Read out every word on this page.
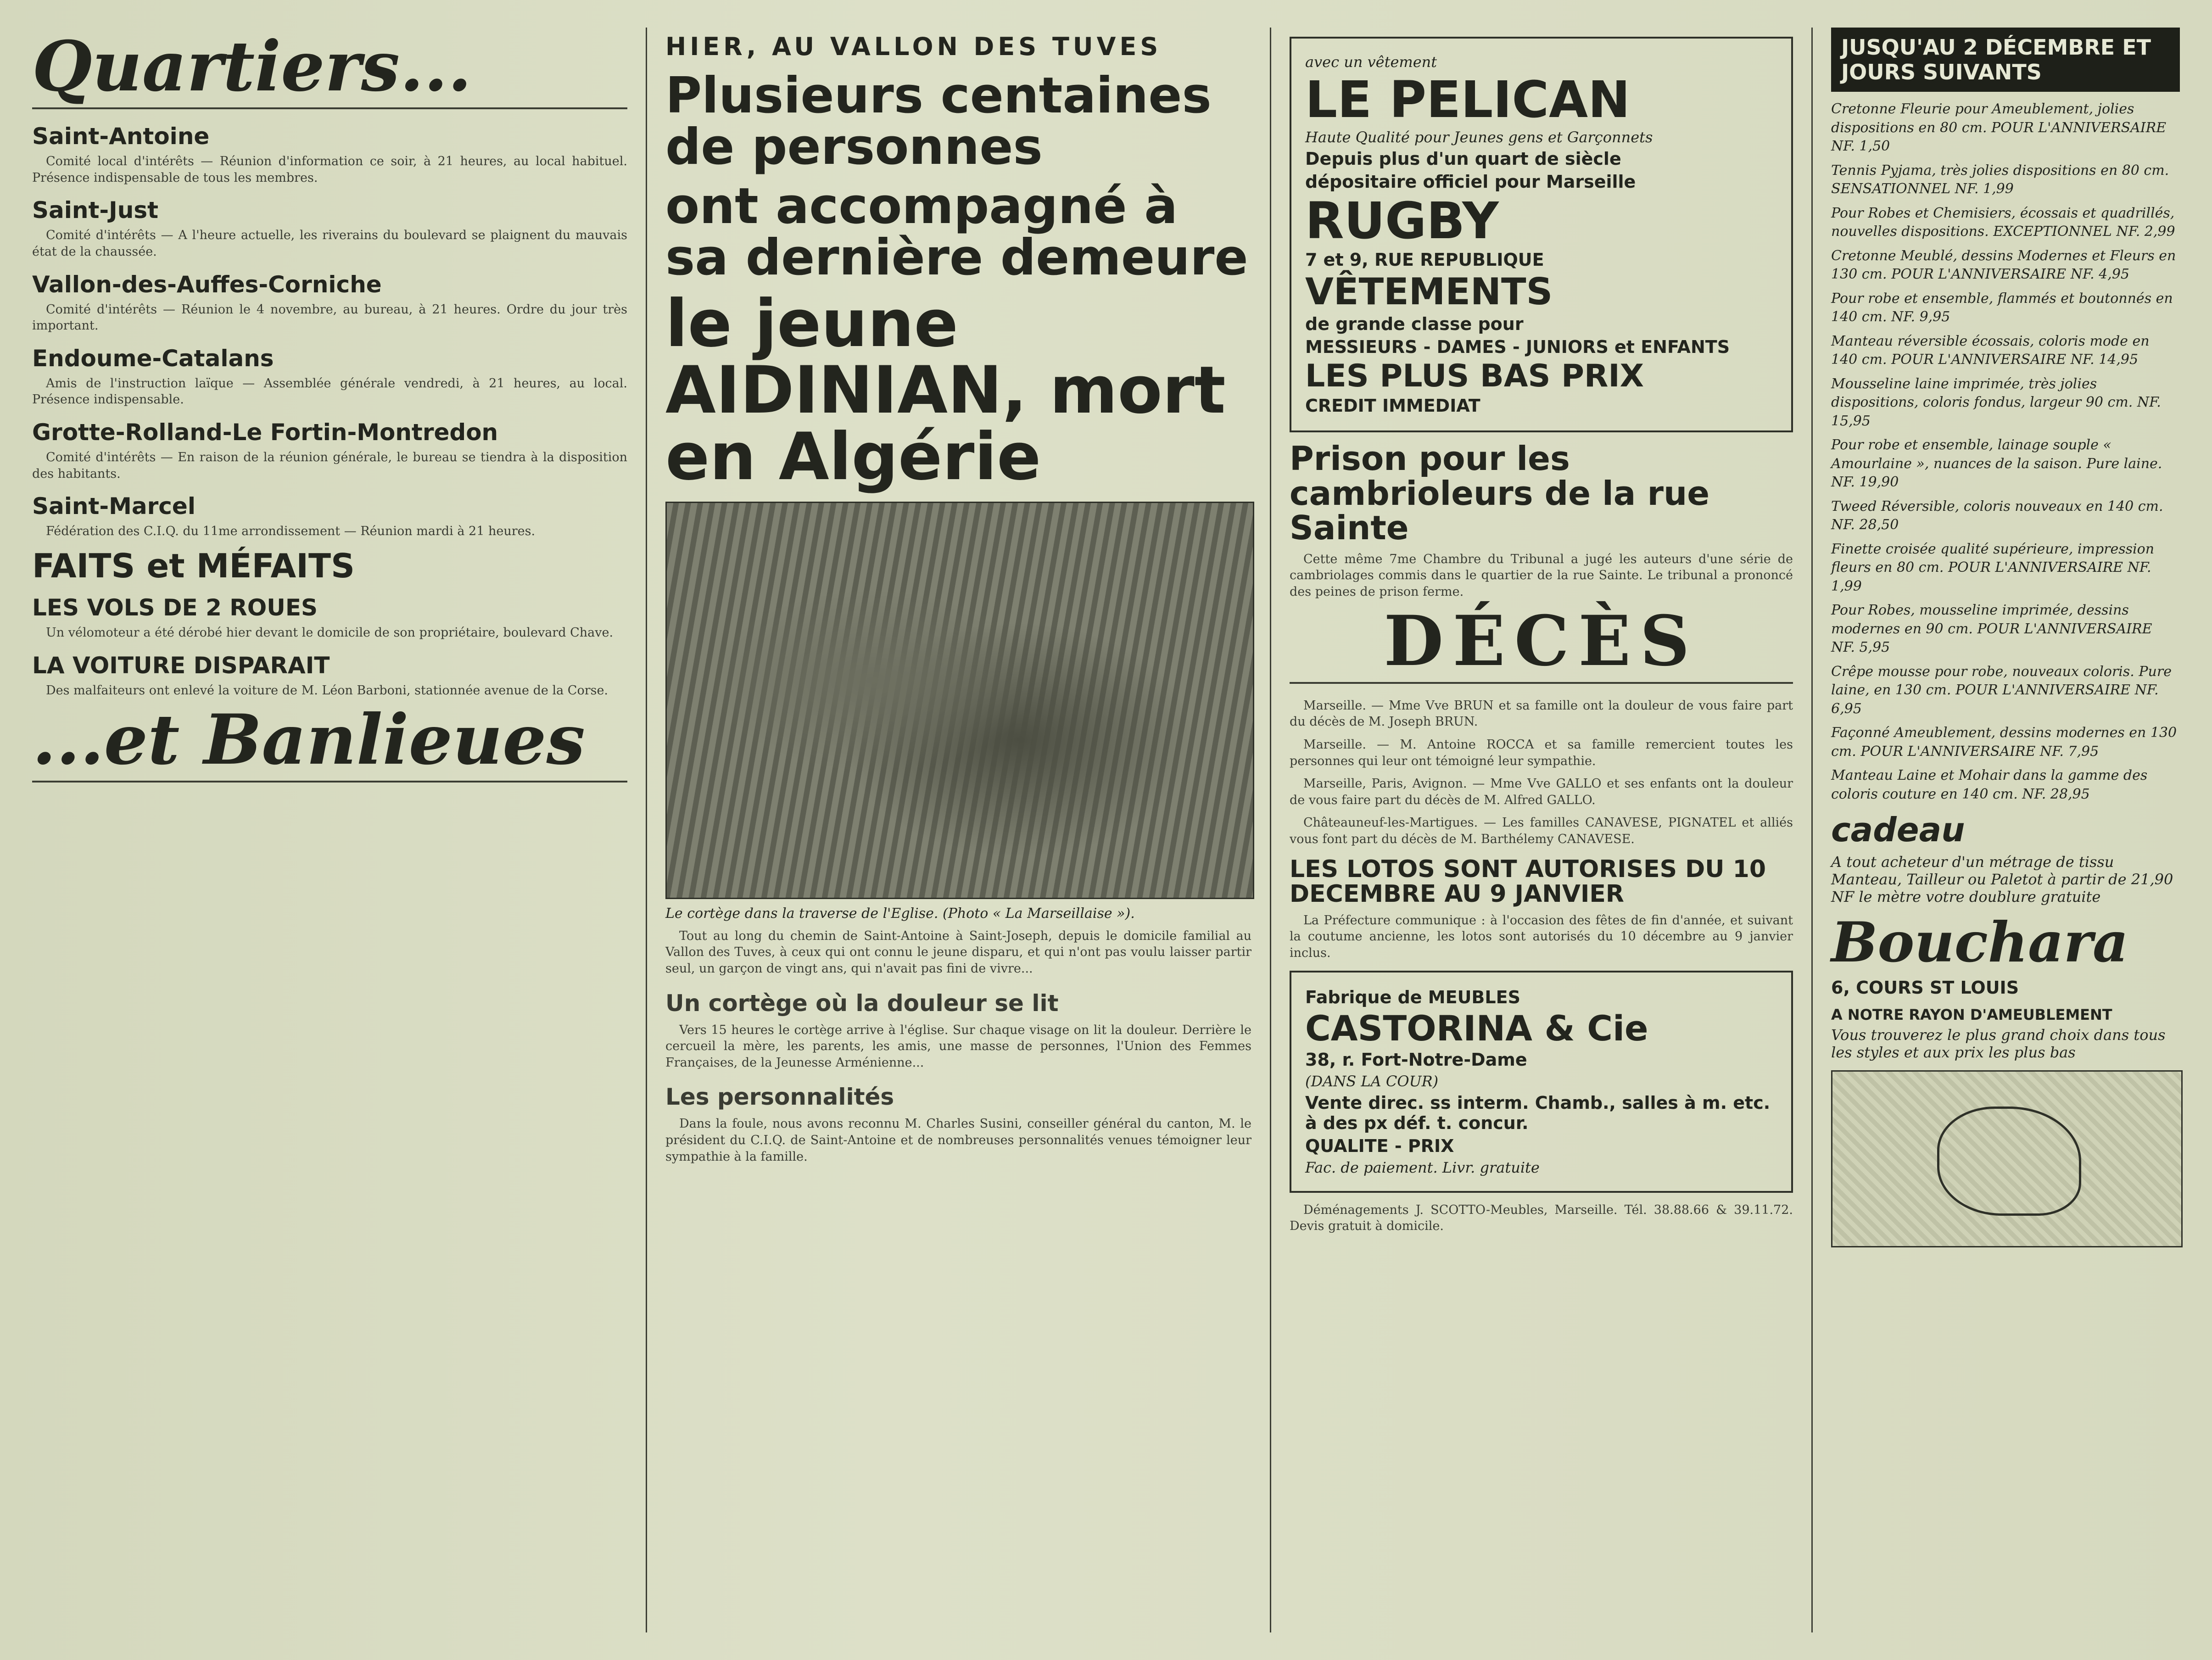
Quartiers...
Saint-Antoine

Comité local d'intérêts — Réunion d'information ce soir, à 21 heures, au local habituel. Présence indispensable de tous les membres.

Saint-Just

Comité d'intérêts — A l'heure actuelle, les riverains du boulevard se plaignent du mauvais état de la chaussée.

Vallon-des-Auffes-Corniche

Comité d'intérêts — Réunion le 4 novembre, au bureau, à 21 heures. Ordre du jour très important.

Endoume-Catalans

Amis de l'instruction laïque — Assemblée générale vendredi, à 21 heures, au local. Présence indispensable.

Grotte-Rolland-Le Fortin-Montredon

Comité d'intérêts — En raison de la réunion générale, le bureau se tiendra à la disposition des habitants.

Saint-Marcel

Fédération des C.I.Q. du 11me arrondissement — Réunion mardi à 21 heures.

FAITS et MÉFAITS
LES VOLS DE 2 ROUES

Un vélomoteur a été dérobé hier devant le domicile de son propriétaire, boulevard Chave.

LA VOITURE DISPARAIT

Des malfaiteurs ont enlevé la voiture de M. Léon Barboni, stationnée avenue de la Corse.

...et Banlieues
HIER, AU VALLON DES TUVES
Plusieurs centaines de personnes
ont accompagné à sa dernière demeure
le jeune AIDINIAN, mort en Algérie
Le cortège dans la traverse de l'Eglise. (Photo « La Marseillaise »).

Tout au long du chemin de Saint-Antoine à Saint-Joseph, depuis le domicile familial au Vallon des Tuves, à ceux qui ont connu le jeune disparu, et qui n'ont pas voulu laisser partir seul, un garçon de vingt ans, qui n'avait pas fini de vivre...

Un cortège où la douleur se lit

Vers 15 heures le cortège arrive à l'église. Sur chaque visage on lit la douleur. Derrière le cercueil la mère, les parents, les amis, une masse de personnes, l'Union des Femmes Françaises, de la Jeunesse Arménienne...

Les personnalités

Dans la foule, nous avons reconnu M. Charles Susini, conseiller général du canton, M. le président du C.I.Q. de Saint-Antoine et de nombreuses personnalités venues témoigner leur sympathie à la famille.

avec un vêtement
LE PELICAN
Haute Qualité pour Jeunes gens et Garçonnets
Depuis plus d'un quart de siècle
dépositaire officiel pour Marseille
RUGBY
7 et 9, RUE REPUBLIQUE
VÊTEMENTS
de grande classe pour
MESSIEURS - DAMES - JUNIORS et ENFANTS
LES PLUS BAS PRIX
CREDIT IMMEDIAT
Prison pour les cambrioleurs de la rue Sainte

Cette même 7me Chambre du Tribunal a jugé les auteurs d'une série de cambriolages commis dans le quartier de la rue Sainte. Le tribunal a prononcé des peines de prison ferme.

DÉCÈS

Marseille. — Mme Vve BRUN et sa famille ont la douleur de vous faire part du décès de M. Joseph BRUN.

Marseille. — M. Antoine ROCCA et sa famille remercient toutes les personnes qui leur ont témoigné leur sympathie.

Marseille, Paris, Avignon. — Mme Vve GALLO et ses enfants ont la douleur de vous faire part du décès de M. Alfred GALLO.

Châteauneuf-les-Martigues. — Les familles CANAVESE, PIGNATEL et alliés vous font part du décès de M. Barthélemy CANAVESE.

LES LOTOS SONT AUTORISES DU 10 DECEMBRE AU 9 JANVIER

La Préfecture communique : à l'occasion des fêtes de fin d'année, et suivant la coutume ancienne, les lotos sont autorisés du 10 décembre au 9 janvier inclus.

Fabrique de MEUBLES
CASTORINA & Cie
38, r. Fort-Notre-Dame
(DANS LA COUR)
Vente direc. ss interm. Chamb., salles à m. etc. à des px déf. t. concur.
QUALITE - PRIX
Fac. de paiement. Livr. gratuite

Déménagements J. SCOTTO-Meubles, Marseille. Tél. 38.88.66 & 39.11.72. Devis gratuit à domicile.

JUSQU'AU 2 DÉCEMBRE ET JOURS SUIVANTS
Cretonne Fleurie pour Ameublement, jolies dispositions en 80 cm. POUR L'ANNIVERSAIRE NF. 1,50
Tennis Pyjama, très jolies dispositions en 80 cm. SENSATIONNEL NF. 1,99
Pour Robes et Chemisiers, écossais et quadrillés, nouvelles dispositions. EXCEPTIONNEL NF. 2,99
Cretonne Meublé, dessins Modernes et Fleurs en 130 cm. POUR L'ANNIVERSAIRE NF. 4,95
Pour robe et ensemble, flammés et boutonnés en 140 cm. NF. 9,95
Manteau réversible écossais, coloris mode en 140 cm. POUR L'ANNIVERSAIRE NF. 14,95
Mousseline laine imprimée, très jolies dispositions, coloris fondus, largeur 90 cm. NF. 15,95
Pour robe et ensemble, lainage souple « Amourlaine », nuances de la saison. Pure laine. NF. 19,90
Tweed Réversible, coloris nouveaux en 140 cm. NF. 28,50
Finette croisée qualité supérieure, impression fleurs en 80 cm. POUR L'ANNIVERSAIRE NF. 1,99
Pour Robes, mousseline imprimée, dessins modernes en 90 cm. POUR L'ANNIVERSAIRE NF. 5,95
Crêpe mousse pour robe, nouveaux coloris. Pure laine, en 130 cm. POUR L'ANNIVERSAIRE NF. 6,95
Façonné Ameublement, dessins modernes en 130 cm. POUR L'ANNIVERSAIRE NF. 7,95
Manteau Laine et Mohair dans la gamme des coloris couture en 140 cm. NF. 28,95
cadeau
A tout acheteur d'un métrage de tissu Manteau, Tailleur ou Paletot à partir de 21,90 NF le mètre votre doublure gratuite
Bouchara
6, COURS ST LOUIS
A NOTRE RAYON D'AMEUBLEMENT
Vous trouverez le plus grand choix dans tous les styles et aux prix les plus bas
